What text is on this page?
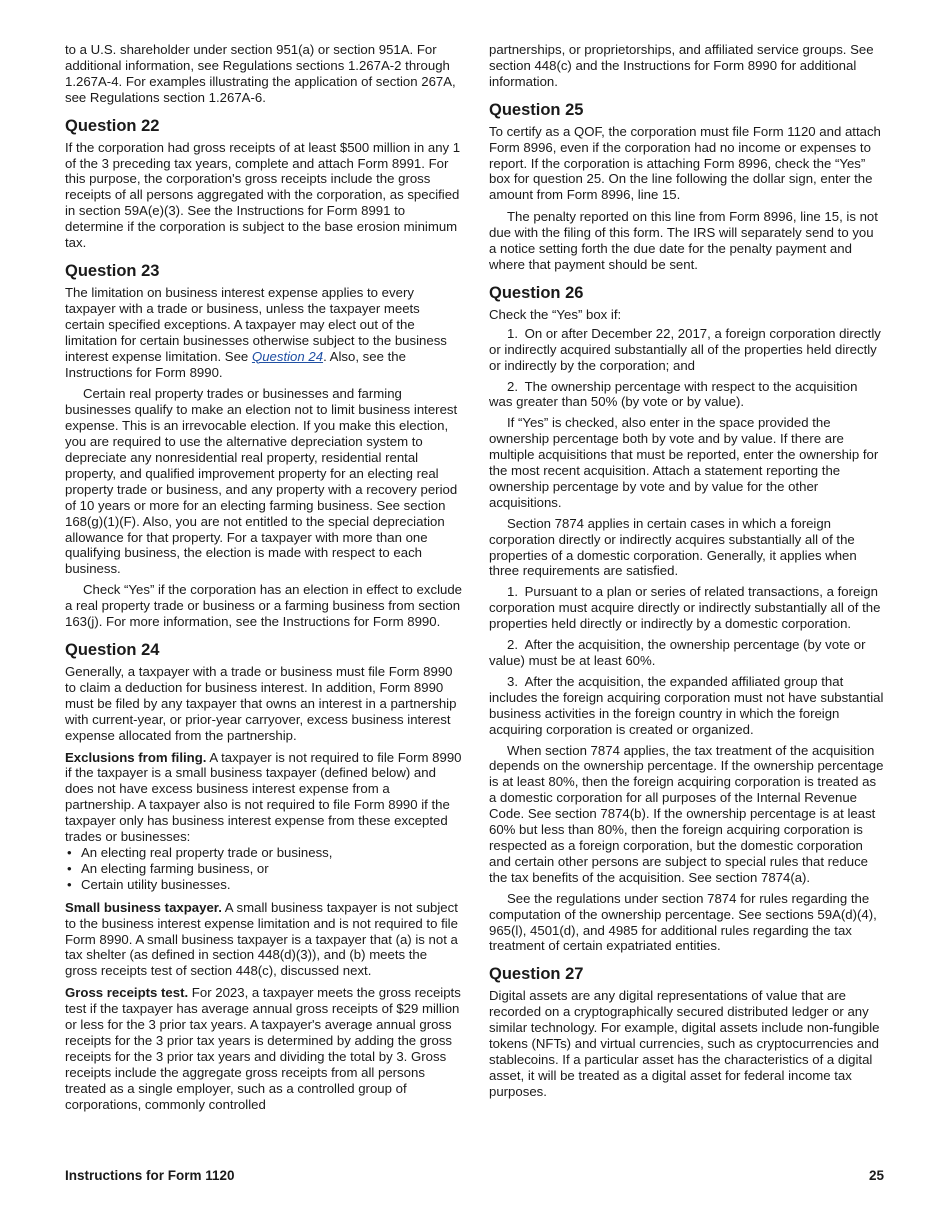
to a U.S. shareholder under section 951(a) or section 951A. For additional information, see Regulations sections 1.267A-2 through 1.267A-4. For examples illustrating the application of section 267A, see Regulations section 1.267A-6.

Question 22

If the corporation had gross receipts of at least $500 million in any 1 of the 3 preceding tax years, complete and attach Form 8991. For this purpose, the corporation's gross receipts include the gross receipts of all persons aggregated with the corporation, as specified in section 59A(e)(3). See the Instructions for Form 8991 to determine if the corporation is subject to the base erosion minimum tax.

Question 23

The limitation on business interest expense applies to every taxpayer with a trade or business, unless the taxpayer meets certain specified exceptions. A taxpayer may elect out of the limitation for certain businesses otherwise subject to the business interest expense limitation. See Question 24. Also, see the Instructions for Form 8990.

Certain real property trades or businesses and farming businesses qualify to make an election not to limit business interest expense. This is an irrevocable election. If you make this election, you are required to use the alternative depreciation system to depreciate any nonresidential real property, residential rental property, and qualified improvement property for an electing real property trade or business, and any property with a recovery period of 10 years or more for an electing farming business. See section 168(g)(1)(F). Also, you are not entitled to the special depreciation allowance for that property. For a taxpayer with more than one qualifying business, the election is made with respect to each business.

Check “Yes” if the corporation has an election in effect to exclude a real property trade or business or a farming business from section 163(j). For more information, see the Instructions for Form 8990.

Question 24

Generally, a taxpayer with a trade or business must file Form 8990 to claim a deduction for business interest. In addition, Form 8990 must be filed by any taxpayer that owns an interest in a partnership with current-year, or prior-year carryover, excess business interest expense allocated from the partnership.

Exclusions from filing. A taxpayer is not required to file Form 8990 if the taxpayer is a small business taxpayer (defined below) and does not have excess business interest expense from a partnership. A taxpayer also is not required to file Form 8990 if the taxpayer only has business interest expense from these excepted trades or businesses:

• An electing real property trade or business,
• An electing farming business, or
• Certain utility businesses.

Small business taxpayer. A small business taxpayer is not subject to the business interest expense limitation and is not required to file Form 8990. A small business taxpayer is a taxpayer that (a) is not a tax shelter (as defined in section 448(d)(3)), and (b) meets the gross receipts test of section 448(c), discussed next.

Gross receipts test. For 2023, a taxpayer meets the gross receipts test if the taxpayer has average annual gross receipts of $29 million or less for the 3 prior tax years. A taxpayer's average annual gross receipts for the 3 prior tax years is determined by adding the gross receipts for the 3 prior tax years and dividing the total by 3. Gross receipts include the aggregate gross receipts from all persons treated as a single employer, such as a controlled group of corporations, commonly controlled

partnerships, or proprietorships, and affiliated service groups. See section 448(c) and the Instructions for Form 8990 for additional information.

Question 25

To certify as a QOF, the corporation must file Form 1120 and attach Form 8996, even if the corporation had no income or expenses to report. If the corporation is attaching Form 8996, check the “Yes” box for question 25. On the line following the dollar sign, enter the amount from Form 8996, line 15.

The penalty reported on this line from Form 8996, line 15, is not due with the filing of this form. The IRS will separately send to you a notice setting forth the due date for the penalty payment and where that payment should be sent.

Question 26

Check the “Yes” box if:

1. On or after December 22, 2017, a foreign corporation directly or indirectly acquired substantially all of the properties held directly or indirectly by the corporation; and

2. The ownership percentage with respect to the acquisition was greater than 50% (by vote or by value).

If “Yes” is checked, also enter in the space provided the ownership percentage both by vote and by value. If there are multiple acquisitions that must be reported, enter the ownership for the most recent acquisition. Attach a statement reporting the ownership percentage by vote and by value for the other acquisitions.

Section 7874 applies in certain cases in which a foreign corporation directly or indirectly acquires substantially all of the properties of a domestic corporation. Generally, it applies when three requirements are satisfied.

1. Pursuant to a plan or series of related transactions, a foreign corporation must acquire directly or indirectly substantially all of the properties held directly or indirectly by a domestic corporation.

2. After the acquisition, the ownership percentage (by vote or value) must be at least 60%.

3. After the acquisition, the expanded affiliated group that includes the foreign acquiring corporation must not have substantial business activities in the foreign country in which the foreign acquiring corporation is created or organized.

When section 7874 applies, the tax treatment of the acquisition depends on the ownership percentage. If the ownership percentage is at least 80%, then the foreign acquiring corporation is treated as a domestic corporation for all purposes of the Internal Revenue Code. See section 7874(b). If the ownership percentage is at least 60% but less than 80%, then the foreign acquiring corporation is respected as a foreign corporation, but the domestic corporation and certain other persons are subject to special rules that reduce the tax benefits of the acquisition. See section 7874(a).

See the regulations under section 7874 for rules regarding the computation of the ownership percentage. See sections 59A(d)(4), 965(l), 4501(d), and 4985 for additional rules regarding the tax treatment of certain expatriated entities.

Question 27

Digital assets are any digital representations of value that are recorded on a cryptographically secured distributed ledger or any similar technology. For example, digital assets include non-fungible tokens (NFTs) and virtual currencies, such as cryptocurrencies and stablecoins. If a particular asset has the characteristics of a digital asset, it will be treated as a digital asset for federal income tax purposes.

Instructions for Form 1120	25
